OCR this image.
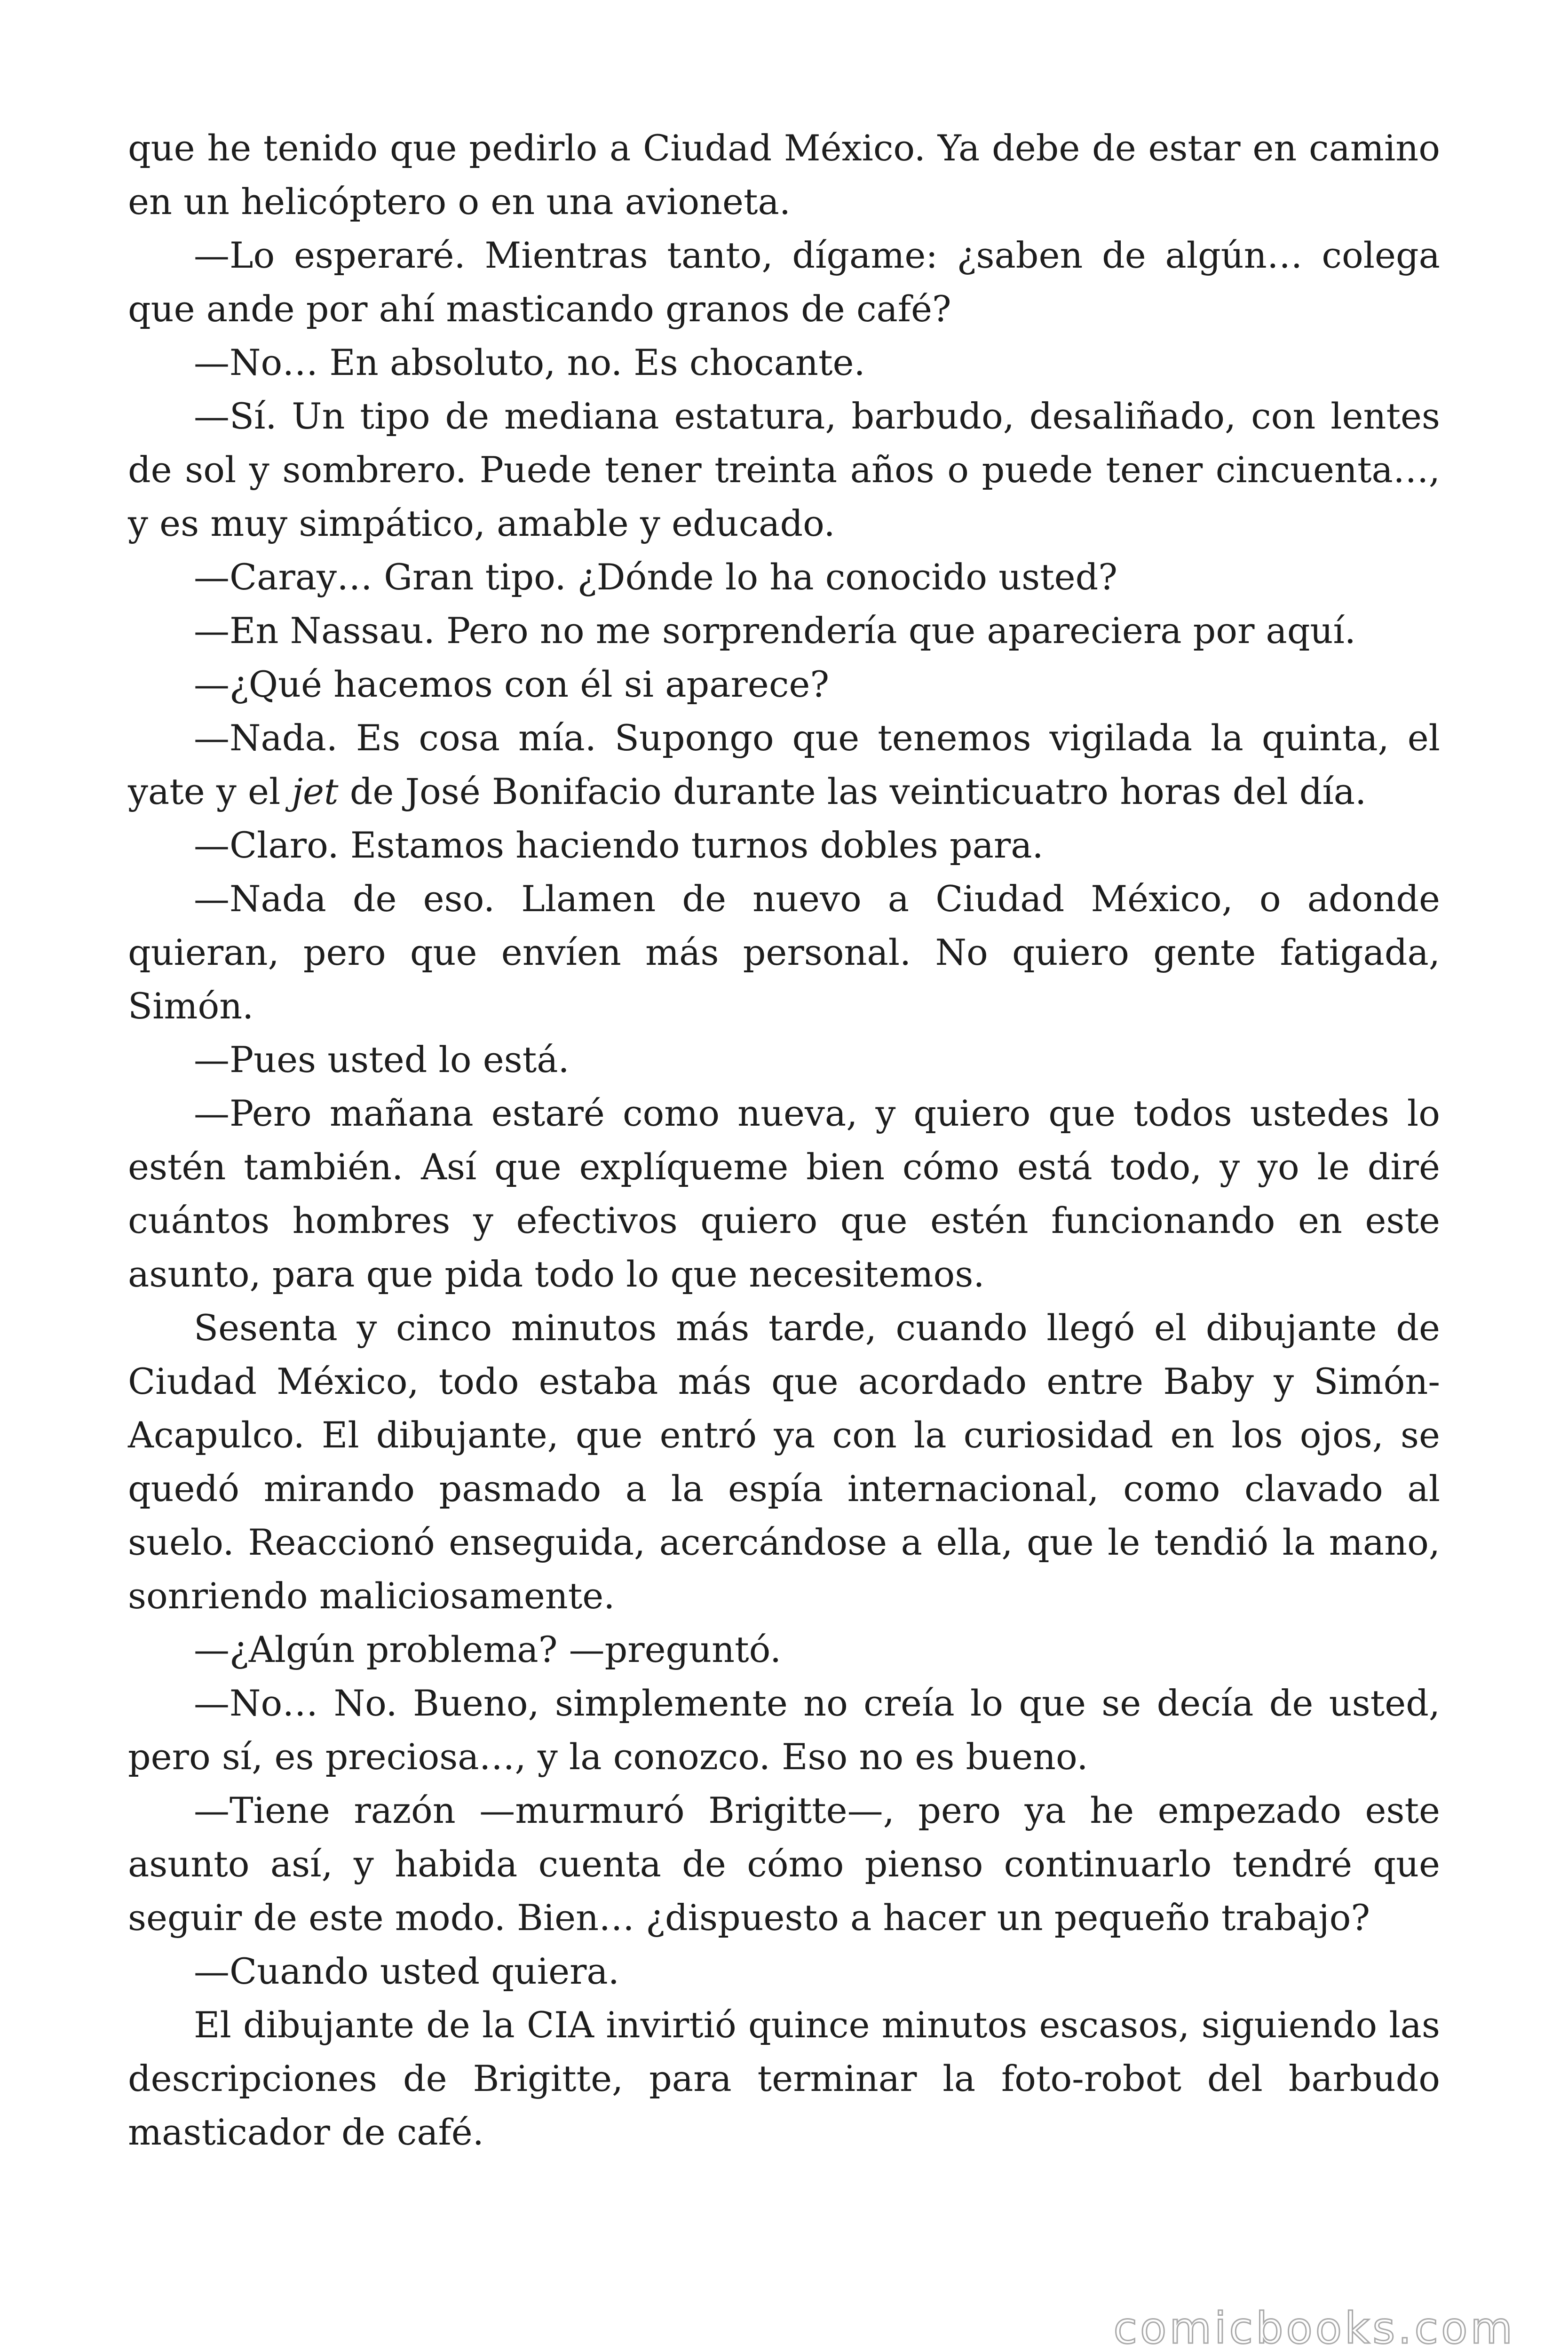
que he tenido que pedirlo a Ciudad México. Ya debe de estar en camino en un helicóptero o en una avioneta.

—Lo esperaré. Mientras tanto, dígame: ¿saben de algún… colega que ande por ahí masticando granos de café?

—No… En absoluto, no. Es chocante.

—Sí. Un tipo de mediana estatura, barbudo, desaliñado, con lentes de sol y sombrero. Puede tener treinta años o puede tener cincuenta…, y es muy simpático, amable y educado.

—Caray… Gran tipo. ¿Dónde lo ha conocido usted?

—En Nassau. Pero no me sorprendería que apareciera por aquí.

—¿Qué hacemos con él si aparece?

—Nada. Es cosa mía. Supongo que tenemos vigilada la quinta, el yate y el jet de José Bonifacio durante las veinticuatro horas del día.

—Claro. Estamos haciendo turnos dobles para.

—Nada de eso. Llamen de nuevo a Ciudad México, o adonde quieran, pero que envíen más personal. No quiero gente fatigada, Simón.

—Pues usted lo está.

—Pero mañana estaré como nueva, y quiero que todos ustedes lo estén también. Así que explíqueme bien cómo está todo, y yo le diré cuántos hombres y efectivos quiero que estén funcionando en este asunto, para que pida todo lo que necesitemos.

Sesenta y cinco minutos más tarde, cuando llegó el dibujante de Ciudad México, todo estaba más que acordado entre Baby y Simón-Acapulco. El dibujante, que entró ya con la curiosidad en los ojos, se quedó mirando pasmado a la espía internacional, como clavado al suelo. Reaccionó enseguida, acercándose a ella, que le tendió la mano, sonriendo maliciosamente.

—¿Algún problema? —preguntó.

—No… No. Bueno, simplemente no creía lo que se decía de usted, pero sí, es preciosa…, y la conozco. Eso no es bueno.

—Tiene razón —murmuró Brigitte—, pero ya he empezado este asunto así, y habida cuenta de cómo pienso continuarlo tendré que seguir de este modo. Bien… ¿dispuesto a hacer un pequeño trabajo?

—Cuando usted quiera.

El dibujante de la CIA invirtió quince minutos escasos, siguiendo las descripciones de Brigitte, para terminar la foto-robot del barbudo masticador de café.

comicbooks.com
